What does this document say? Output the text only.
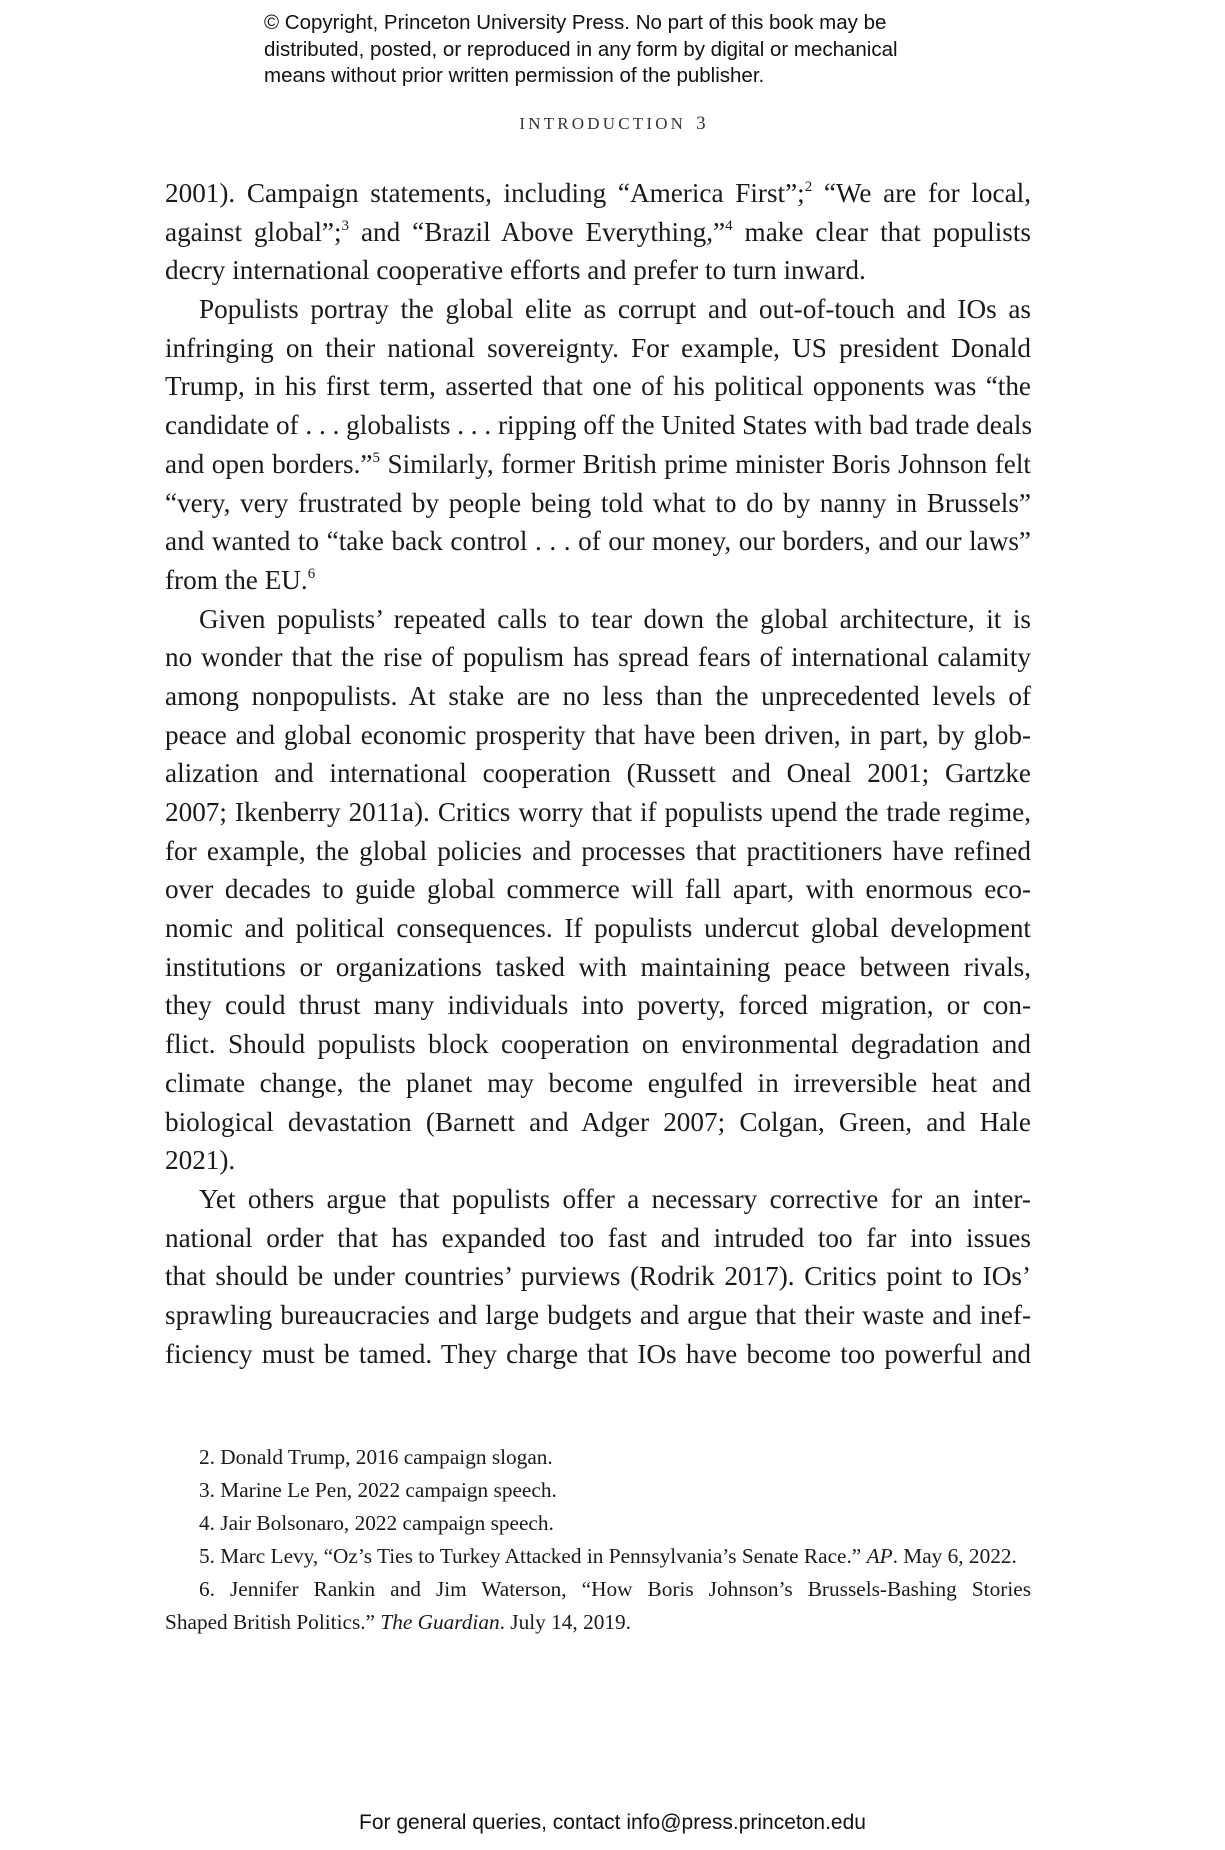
© Copyright, Princeton University Press. No part of this book may be
distributed, posted, or reproduced in any form by digital or mechanical
means without prior written permission of the publisher.
INTRODUCTION 3

2001). Campaign statements, including “America First”;$^2$ “We are for local,
against global”;$^3$ and “Brazil Above Everything,”$^4$ make clear that populists
decry international cooperative efforts and prefer to turn inward.

Populists portray the global elite as corrupt and out-of-touch and IOs as
infringing on their national sovereignty. For example, US president Donald
Trump, in his first term, asserted that one of his political opponents was “the
candidate of . . . globalists . . . ripping off the United States with bad trade deals
and open borders.”$^5$ Similarly, former British prime minister Boris Johnson felt
“very, very frustrated by people being told what to do by nanny in Brussels”
and wanted to “take back control . . . of our money, our borders, and our laws”
from the EU.$^6$

Given populists’ repeated calls to tear down the global architecture, it is
no wonder that the rise of populism has spread fears of international calamity
among nonpopulists. At stake are no less than the unprecedented levels of
peace and global economic prosperity that have been driven, in part, by glob-
alization and international cooperation (Russett and Oneal 2001; Gartzke
2007; Ikenberry 2011a). Critics worry that if populists upend the trade regime,
for example, the global policies and processes that practitioners have refined
over decades to guide global commerce will fall apart, with enormous eco-
nomic and political consequences. If populists undercut global development
institutions or organizations tasked with maintaining peace between rivals,
they could thrust many individuals into poverty, forced migration, or con-
flict. Should populists block cooperation on environmental degradation and
climate change, the planet may become engulfed in irreversible heat and
biological devastation (Barnett and Adger 2007; Colgan, Green, and Hale
2021).

Yet others argue that populists offer a necessary corrective for an inter-
national order that has expanded too fast and intruded too far into issues
that should be under countries’ purviews (Rodrik 2017). Critics point to IOs’
sprawling bureaucracies and large budgets and argue that their waste and inef-
ficiency must be tamed. They charge that IOs have become too powerful and

2. Donald Trump, 2016 campaign slogan.
3. Marine Le Pen, 2022 campaign speech.
4. Jair Bolsonaro, 2022 campaign speech.
5. Marc Levy, “Oz’s Ties to Turkey Attacked in Pennsylvania’s Senate Race.” AP. May 6, 2022.
6. Jennifer Rankin and Jim Waterson, “How Boris Johnson’s Brussels-Bashing Stories
Shaped British Politics.” The Guardian. July 14, 2019.
For general queries, contact info@press.princeton.edu
